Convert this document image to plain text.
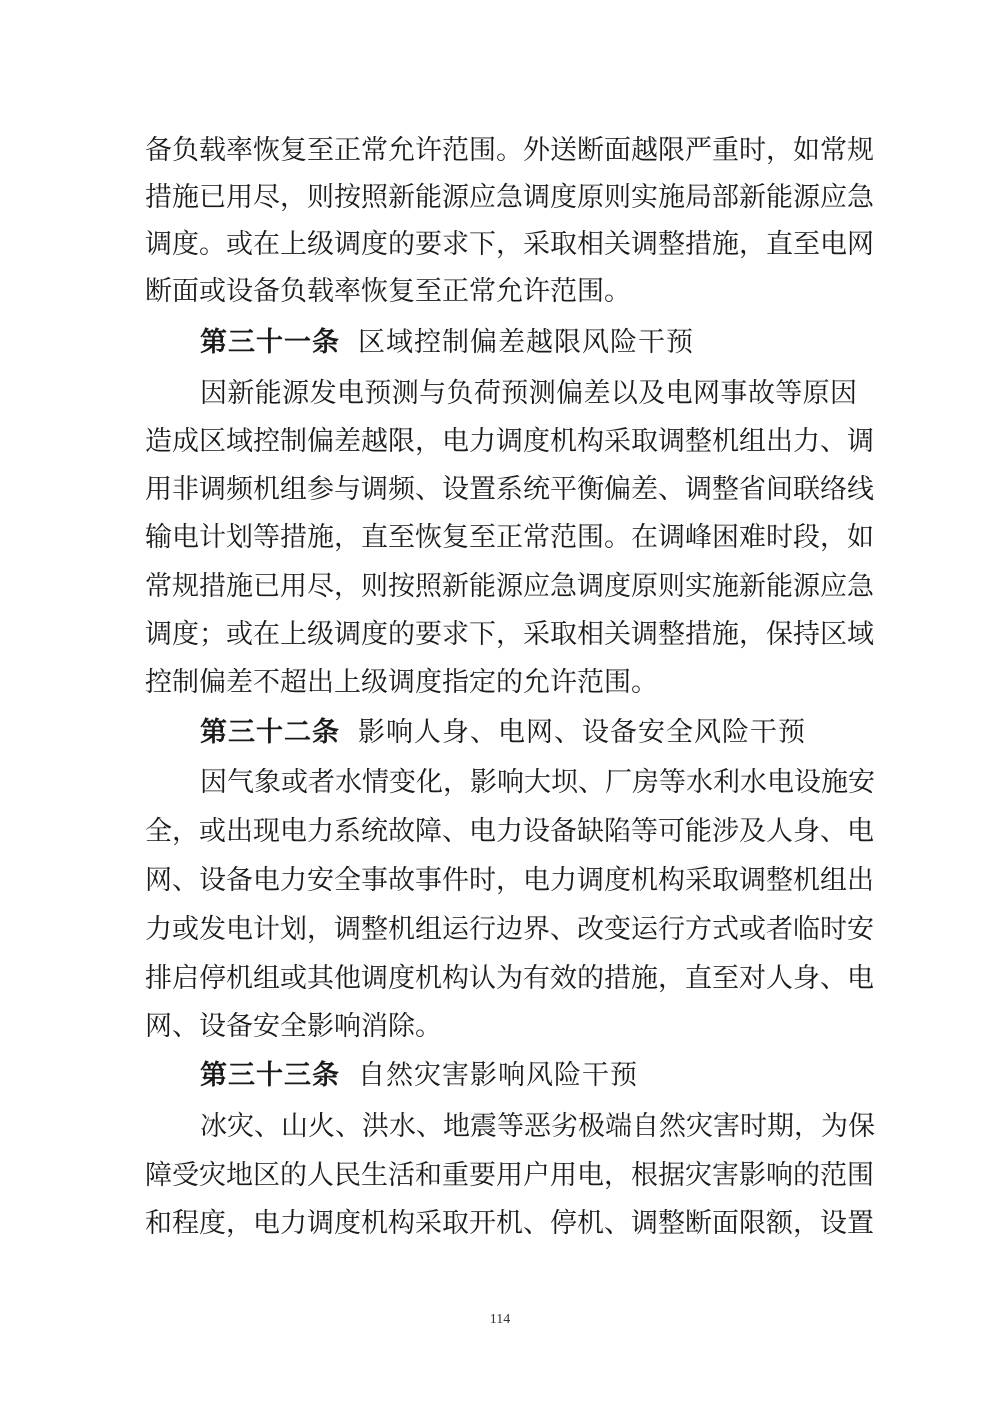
备负载率恢复至正常允许范围。外送断面越限严重时，如常规
措施已用尽，则按照新能源应急调度原则实施局部新能源应急
调度。或在上级调度的要求下，采取相关调整措施，直至电网
断面或设备负载率恢复至正常允许范围。
第三十一条 区域控制偏差越限风险干预
因新能源发电预测与负荷预测偏差以及电网事故等原因
造成区域控制偏差越限，电力调度机构采取调整机组出力、调
用非调频机组参与调频、设置系统平衡偏差、调整省间联络线
输电计划等措施，直至恢复至正常范围。在调峰困难时段，如
常规措施已用尽，则按照新能源应急调度原则实施新能源应急
调度；或在上级调度的要求下，采取相关调整措施，保持区域
控制偏差不超出上级调度指定的允许范围。
第三十二条 影响人身、电网、设备安全风险干预
因气象或者水情变化，影响大坝、厂房等水利水电设施安
全，或出现电力系统故障、电力设备缺陷等可能涉及人身、电
网、设备电力安全事故事件时，电力调度机构采取调整机组出
力或发电计划，调整机组运行边界、改变运行方式或者临时安
排启停机组或其他调度机构认为有效的措施，直至对人身、电
网、设备安全影响消除。
第三十三条 自然灾害影响风险干预
冰灾、山火、洪水、地震等恶劣极端自然灾害时期，为保
障受灾地区的人民生活和重要用户用电，根据灾害影响的范围
和程度，电力调度机构采取开机、停机、调整断面限额，设置
114
